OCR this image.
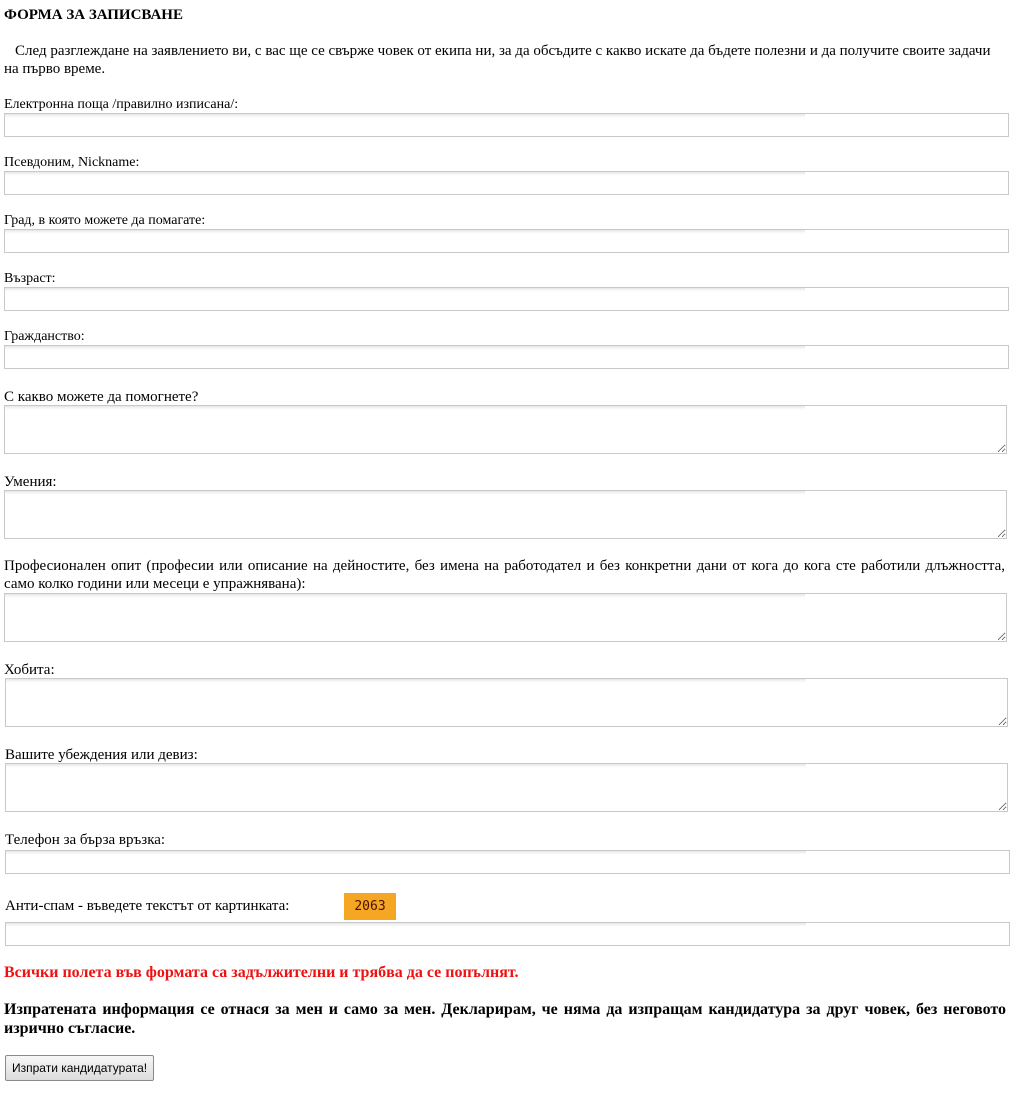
ФОРМА ЗА ЗАПИСВАНЕ
След разглеждане на заявлението ви, с вас ще се свърже човек от екипа ни, за да обсъдите с какво искате да бъдете полезни и да получите своите задачи на първо време.
Електронна поща /правилно изписана/:
Псевдоним, Nickname:
Град, в която можете да помагате:
Възраст:
Гражданство:
С какво можете да помогнете?
Умения:
Професионален опит (професии или описание на дейностите, без имена на работодател и без конкретни дани от кога до кога сте работили длъжността, само колко години или месеци е упражнявана):
Хобита:
Вашите убеждения или девиз:
Телефон за бърза връзка:
Анти-спам - въведете текстът от картинката:	2063
Всички полета във формата са задължителни и трябва да се попълнят.
Изпратената информация се отнася за мен и само за мен. Декларирам, че няма да изпращам кандидатура за друг човек, без неговото изрично съгласие.
Изпрати кандидатурата!
